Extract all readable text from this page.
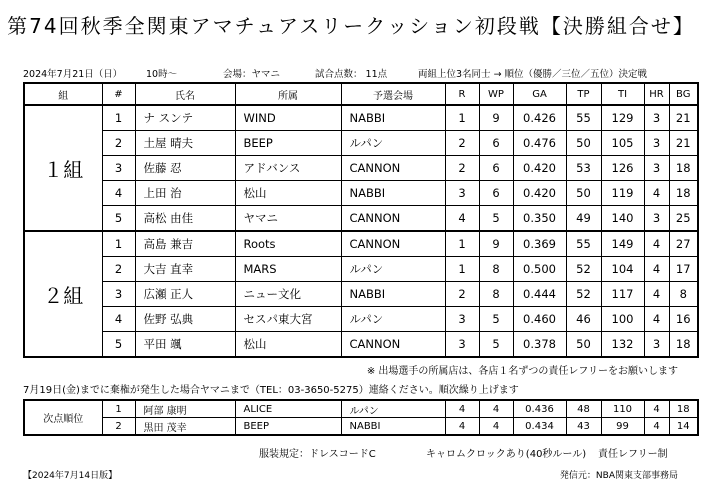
第74回秋季全関東アマチュアスリークッション初段戦【決勝組合せ】
2024年7月21日（日） 10時〜	会場：ヤマニ	試合点数： 11点	両組上位3名同士 → 順位（優勝／三位／五位）決定戦
組	#	氏名	所属	予選会場	R	WP	GA	TP	TI	HR	BG
１組	1	ナ スンテ	WIND	NABBI	1	9	0.426	55	129	3	21
	2	土屋 晴夫	BEEP	ルパン	2	6	0.476	50	105	3	21
	3	佐藤 忍	アドバンス	CANNON	2	6	0.420	53	126	3	18
	4	上田 治	松山	NABBI	3	6	0.420	50	119	4	18
	5	高松 由佳	ヤマニ	CANNON	4	5	0.350	49	140	3	25
２組	1	高島 兼吉	Roots	CANNON	1	9	0.369	55	149	4	27
	2	大吉 直幸	MARS	ルパン	1	8	0.500	52	104	4	17
	3	広瀬 正人	ニュー文化	NABBI	2	8	0.444	52	117	4	8
	4	佐野 弘典	セスパ東大宮	ルパン	3	5	0.460	46	100	4	16
	5	平田 颯	松山	CANNON	3	5	0.378	50	132	3	18
※ 出場選手の所属店は、各店１名ずつの責任レフリーをお願いします
7月19日(金)までに棄権が発生した場合ヤマニまで（TEL：03-3650-5275）連絡ください。順次繰り上げます
次点順位	1	阿部 康明	ALICE	ルパン	4	4	0.436	48	110	4	18
	2	黒田 茂幸	BEEP	NABBI	4	4	0.434	43	99	4	14
服装規定：ドレスコードC	キャロムクロックあり(40秒ルール) 責任レフリー制
【2024年7月14日版】	発信元：NBA関東支部事務局
